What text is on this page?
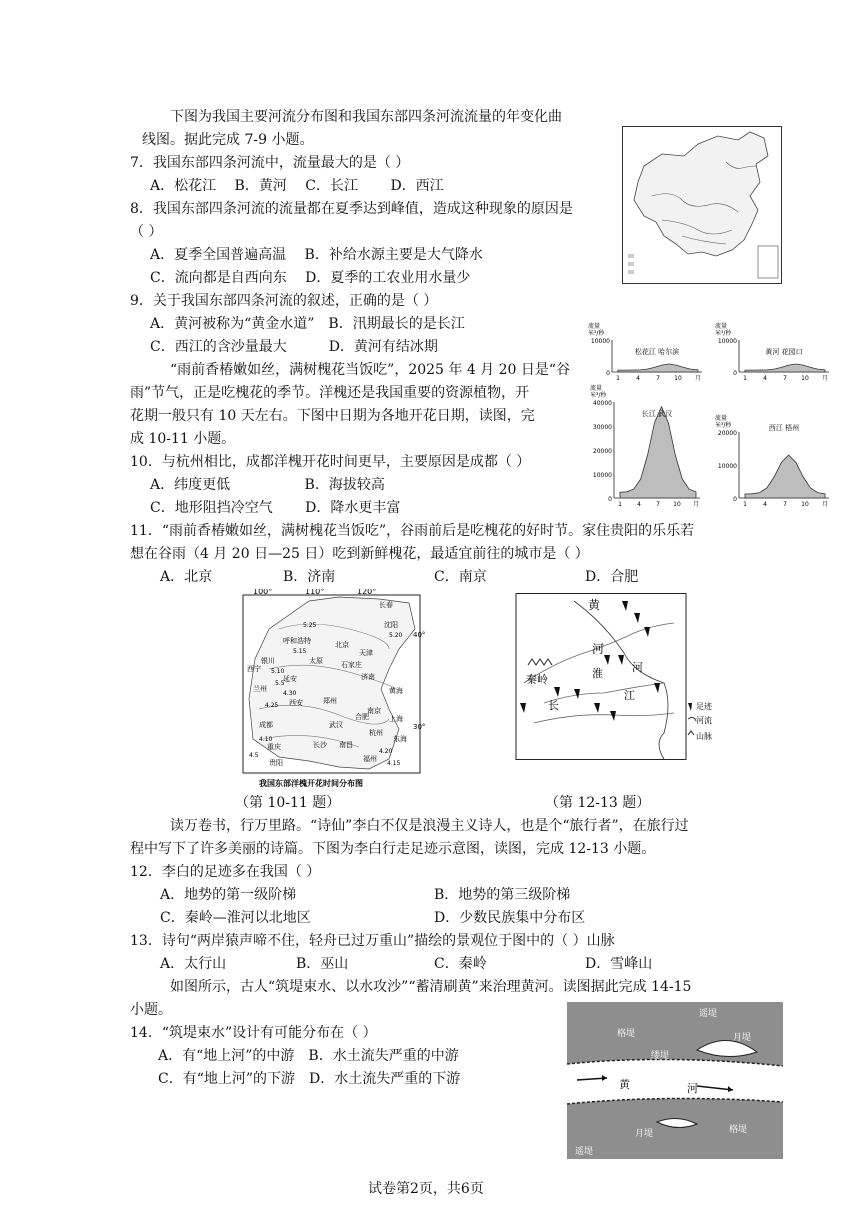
下图为我国主要河流分布图和我国东部四条河流流量的年变化曲
线图。据此完成 7-9 小题。
7．我国东部四条河流中，流量最大的是（ ）
A．松花江　 B．黄河　 C．长江　　 D．西江
8．我国东部四条河流的流量都在夏季达到峰值，造成这种现象的原因是
（ ）
A．夏季全国普遍高温　 B．补给水源主要是大气降水
C．流向都是自西向东　 D．夏季的工农业用水量少
9．关于我国东部四条河流的叙述，正确的是（ ）
A．黄河被称为“黄金水道”　B．汛期最长的是长江
C．西江的含沙量最大　　　D．黄河有结冰期
“雨前香椿嫩如丝，满树槐花当饭吃”，2025 年 4 月 20 日是“谷
雨”节气，正是吃槐花的季节。洋槐还是我国重要的资源植物，开
花期一般只有 10 天左右。下图中日期为各地开花日期，读图，完
成 10-11 小题。
10．与杭州相比，成都洋槐开花时间更早，主要原因是成都（ ）
A．纬度更低　　　　　 B．海拔较高
C．地形阻挡冷空气　　 D．降水更丰富
11．“雨前香椿嫩如丝，满树槐花当饭吃”，谷雨前后是吃槐花的好时节。家住贵阳的乐乐若
想在谷雨（4 月 20 日—25 日）吃到新鲜槐花，最适宜前往的城市是（ ）
A．北京	B．济南	C．南京	D．合肥
10000
0
1	4	7 10 月
流量
米³/秒
松花江 哈尔滨
10000
0
1	4	7 10 月
流量
米³/秒
黄河 花园口
40000
30000
20000
10000
0
1	4	7 10 月
流量
米³/秒
长江 武汉
20000
10000
0
1	4	7 10 月
流量
米³/秒	西江 梧州
100°	110°	120°
长春
沈阳
呼和浩特	北京
天津
银川	太原	石家庄
济南
西宁
兰州
延安
西安	郑州
黄海
武汉
合肥
南京
上海
杭州
东海
成都
重庆	长沙 南昌
贵阳	福州
40°
30°
5.25
5.20
5.15
5.10
5.5
4.30
4.25
4.20
4.15
4.10
4.5
我国东部洋槐开花时间分布图
（第 10-11 题）
黄
河
秦岭	淮	河
江
长	足迹
河流
山脉
（第 12-13 题）
读万卷书，行万里路。“诗仙”李白不仅是浪漫主义诗人，也是个“旅行者”，在旅行过
程中写下了许多美丽的诗篇。下图为李白行走足迹示意图，读图，完成 12-13 小题。
12．李白的足迹多在我国（ ）
A．地势的第一级阶梯	B．地势的第三级阶梯
C．秦岭—淮河以北地区	D．少数民族集中分布区
13．诗句“两岸猿声啼不住，轻舟已过万重山”描绘的景观位于图中的（ ）山脉
A．太行山	B．巫山	C．秦岭	D．雪峰山
如图所示，古人“筑堤束水、以水攻沙”“蓄清刷黄”来治理黄河。读图据此完成 14-15
小题。
14．“筑堤束水”设计有可能分布在（ ）
A．有“地上河”的中游　B．水土流失严重的中游
C．有“地上河”的下游　D．水土流失严重的下游
遥堤
格堤
缕堤
月堤
黄	河
月堤	格堤
遥堤
试卷第2页，共6页
